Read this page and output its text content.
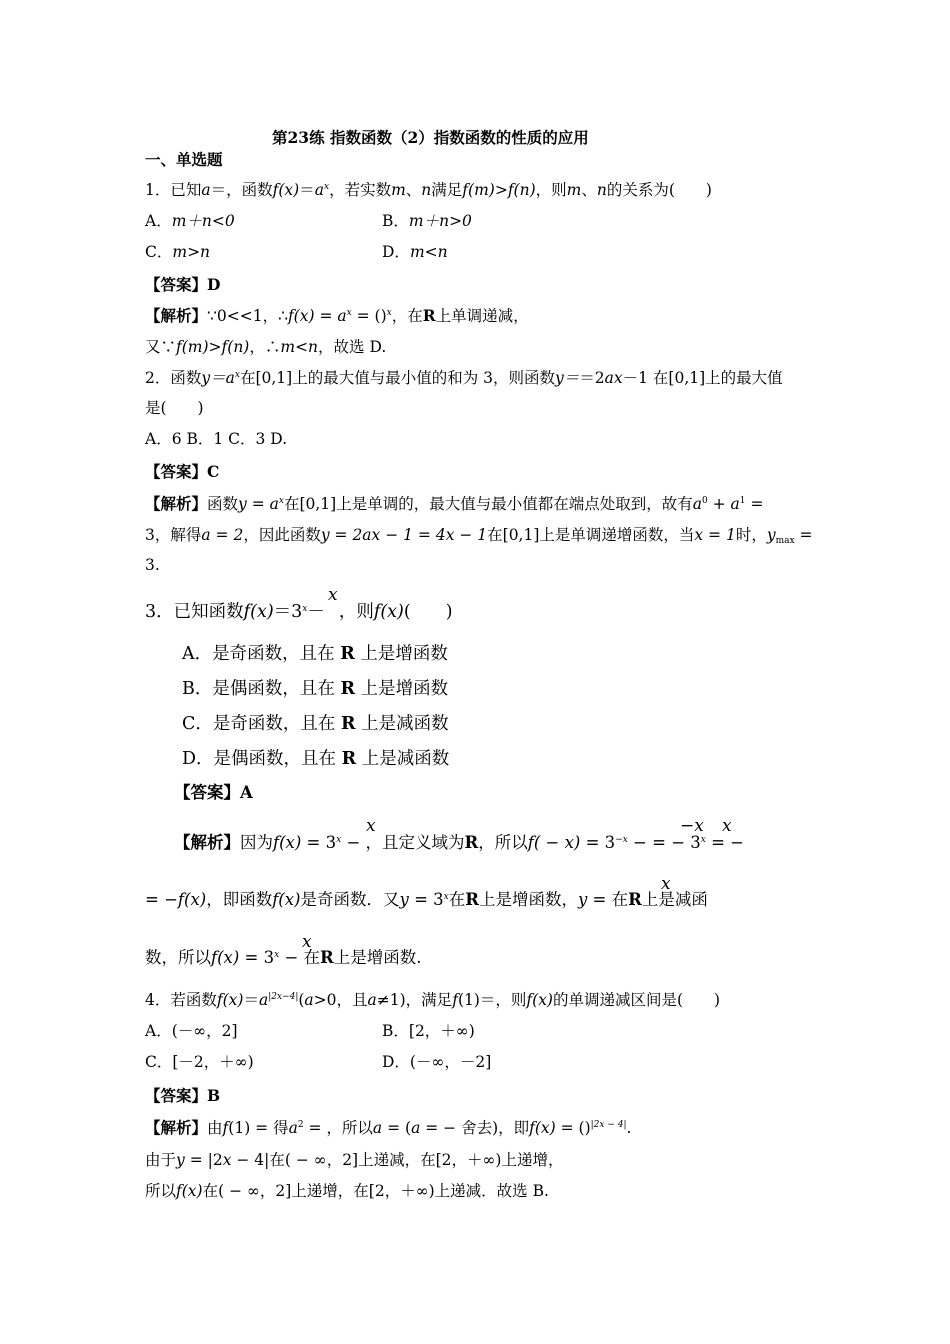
第23练 指数函数（2）指数函数的性质的应用
一、单选题
1．已知a＝，函数$f(x)=a^x$，若实数m、n满足f(m)>f(n)，则m、n的关系为(　　)
A．m＋n<0	B．m＋n>0
C．m>n	D．m<n
【答案】D
【解析】∵0<<1，∴f(x) = $a^x = ()^x$，在R上单调递减，
又∵f(m)>f(n)，∴m<n，故选 D.
2．函数$y=a^x$在[0,1]上的最大值与最小值的和为 3，则函数y＝＝2ax－1 在[0,1]上的最大值
是(　　)
A．6 B．1 C．3 D.
【答案】C
【解析】函数$y = a^x$在[0,1]上是单调的，最大值与最小值都在端点处取到，故有$a^0 + a^1$ =
3，解得a = 2，因此函数y = 2ax − 1 = 4x − 1在[0,1]上是单调递增函数，当x = 1时，$y_{max}$ =
3.
x
3．已知函数$f(x)=3^x-$ ，则f(x)(　　)
A．是奇函数，且在 R 上是增函数
B．是偶函数，且在 R 上是增函数
C．是奇函数，且在 R 上是减函数
D．是偶函数，且在 R 上是减函数
【答案】A
x	−x x
【解析】因为$f(x) = 3^x$ − ，且定义域为R，所以$f( - x) = 3^{-x}$ − = − $3^x$ = −
x
= −f(x)，即函数f(x)是奇函数．又$y = 3^x$在R上是增函数，y = 在R上是减函
x
数，所以$f(x) = 3^x$ − 在R上是增函数.
4．若函数$f(x)=a^{|2x-4|}(a>0$，且a≠1)，满足f(1)＝，则f(x)的单调递减区间是(　　)
A．(－∞，2]	B．[2，＋∞)
C．[－2，＋∞)	D．(－∞，－2]
【答案】B
【解析】由f(1) = 得$a^2$ = ，所以a = (a = − 舍去)，即f(x) = ()$^{|2x - 4|}$.
由于y = |2x − 4|在( − ∞，2]上递减，在[2，＋∞)上递增，
所以f(x)在( − ∞，2]上递增，在[2，＋∞)上递减．故选 B.
